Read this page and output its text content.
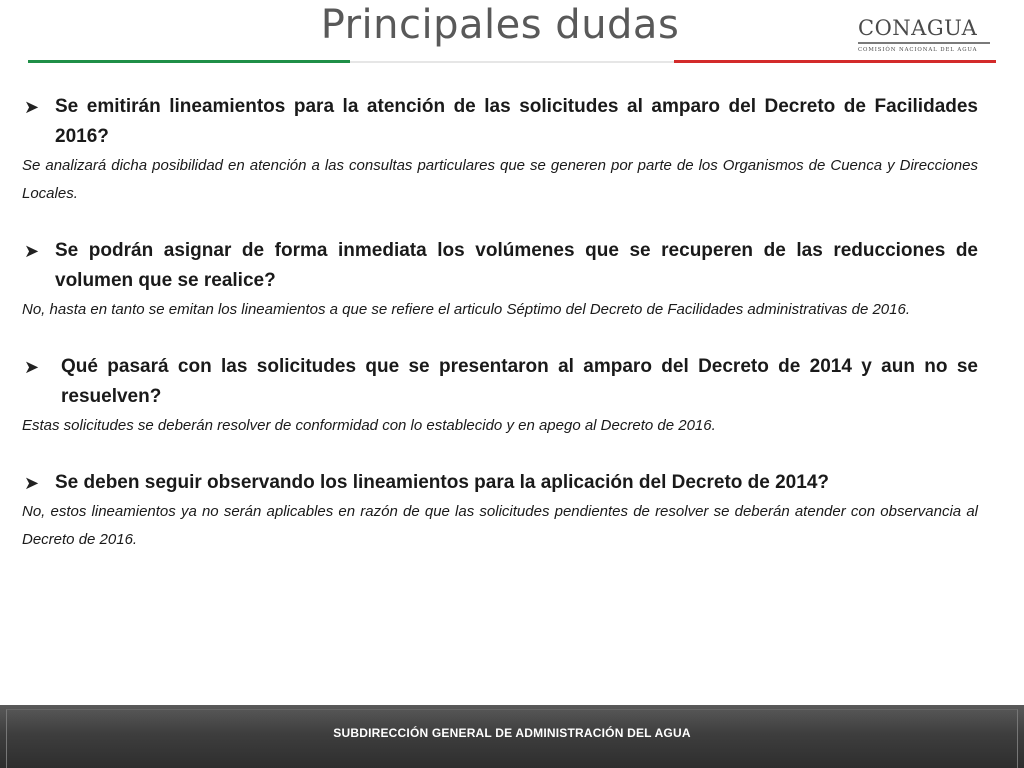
Principales dudas	CONAGUA
COMISIÓN NACIONAL DEL AGUA
➤ Se emitirán lineamientos para la atención de las solicitudes al amparo del Decreto de Facilidades 2016?
Se analizará dicha posibilidad en atención a las consultas particulares que se generen por parte de los Organismos de Cuenca y Direcciones Locales.
➤ Se podrán asignar de forma inmediata los volúmenes que se recuperen de las reducciones de volumen que se realice?
No, hasta en tanto se emitan los lineamientos a que se refiere el articulo Séptimo del Decreto de Facilidades administrativas de 2016.
➤ Qué pasará con las solicitudes que se presentaron al amparo del Decreto de 2014 y aun no se resuelven?
Estas solicitudes se deberán resolver de conformidad con lo establecido y en apego al Decreto de 2016.
➤ Se deben seguir observando los lineamientos para la aplicación del Decreto de 2014?
No, estos lineamientos ya no serán aplicables en razón de que las solicitudes pendientes de resolver se deberán atender con observancia al Decreto de 2016.
SUBDIRECCIÓN GENERAL DE ADMINISTRACIÓN DEL AGUA
